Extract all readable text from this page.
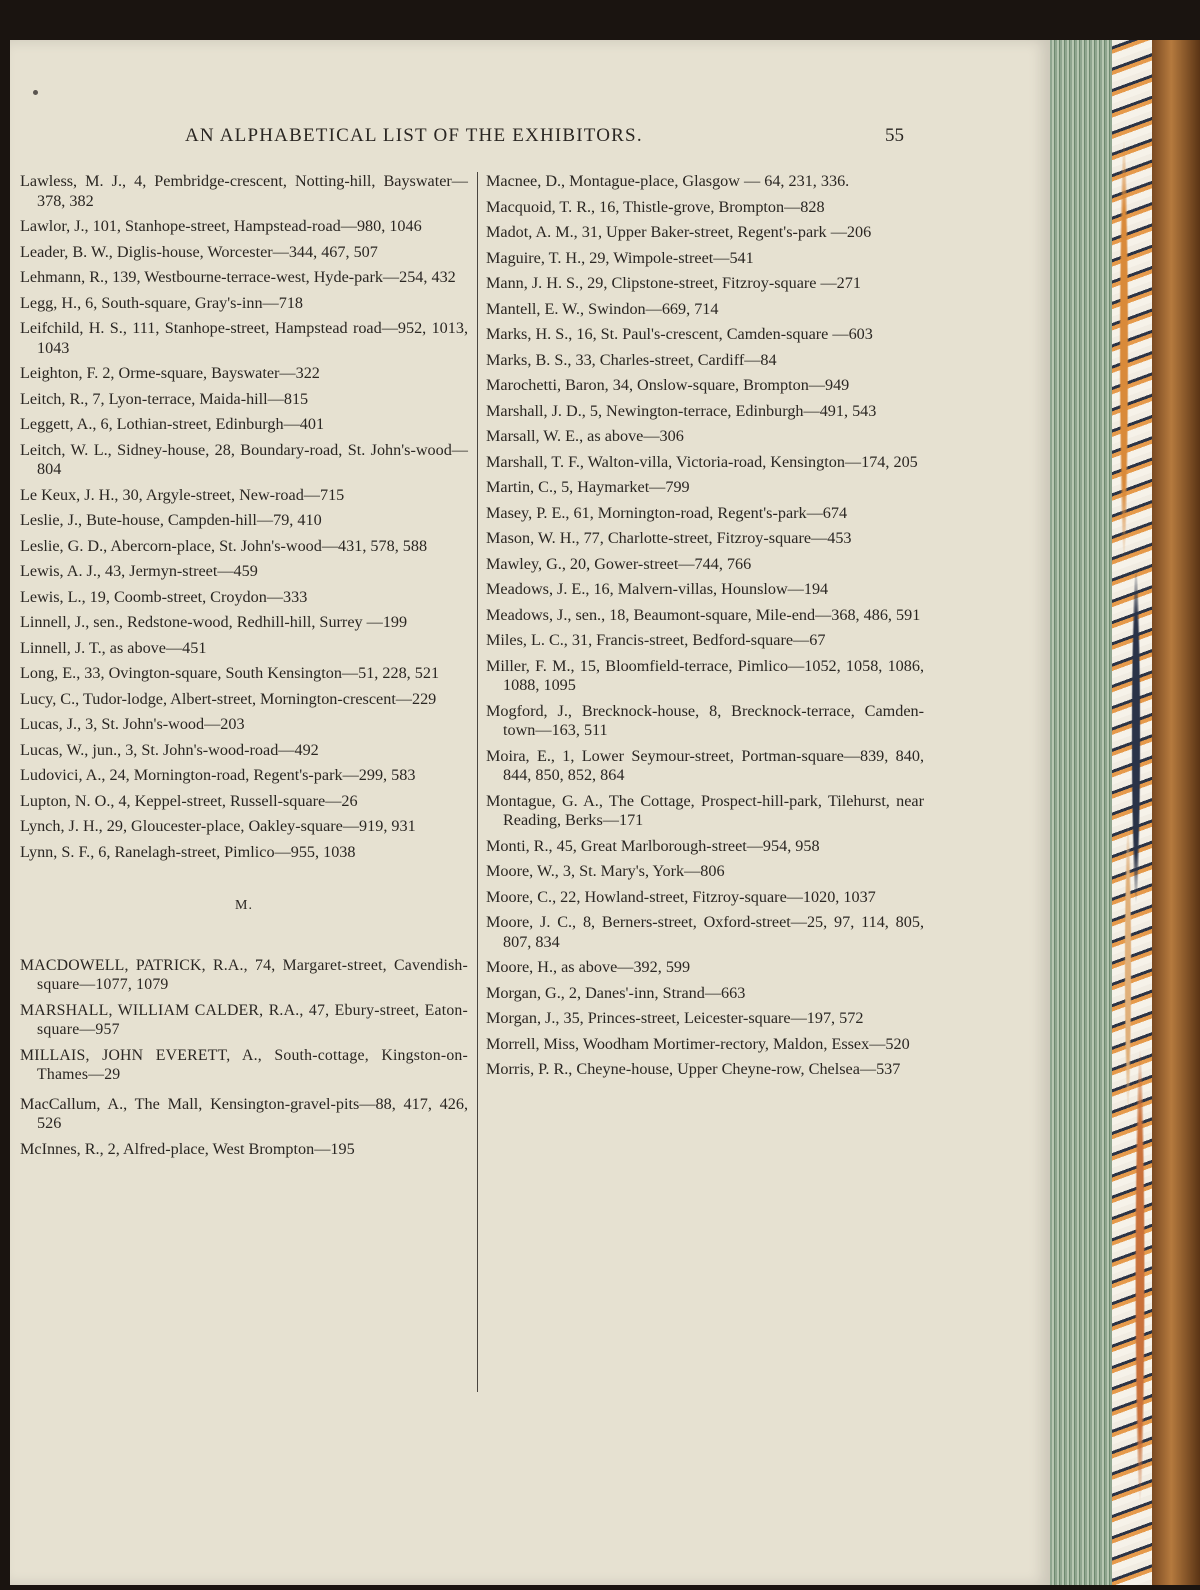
AN ALPHABETICAL LIST OF THE EXHIBITORS.	55
Lawless, M. J., 4, Pembridge-crescent, Notting-hill, Bayswater—378, 382
Lawlor, J., 101, Stanhope-street, Hampstead-road—980, 1046
Leader, B. W., Diglis-house, Worcester—344, 467, 507
Lehmann, R., 139, Westbourne-terrace-west, Hyde-park—254, 432
Legg, H., 6, South-square, Gray's-inn—718
Leifchild, H. S., 111, Stanhope-street, Hampstead road—952, 1013, 1043
Leighton, F. 2, Orme-square, Bayswater—322
Leitch, R., 7, Lyon-terrace, Maida-hill—815
Leggett, A., 6, Lothian-street, Edinburgh—401
Leitch, W. L., Sidney-house, 28, Boundary-road, St. John's-wood—804
Le Keux, J. H., 30, Argyle-street, New-road—715
Leslie, J., Bute-house, Campden-hill—79, 410
Leslie, G. D., Abercorn-place, St. John's-wood—431, 578, 588
Lewis, A. J., 43, Jermyn-street—459
Lewis, L., 19, Coomb-street, Croydon—333
Linnell, J., sen., Redstone-wood, Redhill-hill, Surrey —199
Linnell, J. T., as above—451
Long, E., 33, Ovington-square, South Kensington—51, 228, 521
Lucy, C., Tudor-lodge, Albert-street, Mornington-crescent—229
Lucas, J., 3, St. John's-wood—203
Lucas, W., jun., 3, St. John's-wood-road—492
Ludovici, A., 24, Mornington-road, Regent's-park—299, 583
Lupton, N. O., 4, Keppel-street, Russell-square—26
Lynch, J. H., 29, Gloucester-place, Oakley-square—919, 931
Lynn, S. F., 6, Ranelagh-street, Pimlico—955, 1038
M.
MACDOWELL, PATRICK, R.A., 74, Margaret-street, Cavendish-square—1077, 1079
MARSHALL, WILLIAM CALDER, R.A., 47, Ebury-street, Eaton-square—957
MILLAIS, JOHN EVERETT, A., South-cottage, Kingston-on-Thames—29
MacCallum, A., The Mall, Kensington-gravel-pits—88, 417, 426, 526
McInnes, R., 2, Alfred-place, West Brompton—195
Macnee, D., Montague-place, Glasgow — 64, 231, 336.
Macquoid, T. R., 16, Thistle-grove, Brompton—828
Madot, A. M., 31, Upper Baker-street, Regent's-park —206
Maguire, T. H., 29, Wimpole-street—541
Mann, J. H. S., 29, Clipstone-street, Fitzroy-square —271
Mantell, E. W., Swindon—669, 714
Marks, H. S., 16, St. Paul's-crescent, Camden-square —603
Marks, B. S., 33, Charles-street, Cardiff—84
Marochetti, Baron, 34, Onslow-square, Brompton—949
Marshall, J. D., 5, Newington-terrace, Edinburgh—491, 543
Marsall, W. E., as above—306
Marshall, T. F., Walton-villa, Victoria-road, Kensington—174, 205
Martin, C., 5, Haymarket—799
Masey, P. E., 61, Mornington-road, Regent's-park—674
Mason, W. H., 77, Charlotte-street, Fitzroy-square—453
Mawley, G., 20, Gower-street—744, 766
Meadows, J. E., 16, Malvern-villas, Hounslow—194
Meadows, J., sen., 18, Beaumont-square, Mile-end—368, 486, 591
Miles, L. C., 31, Francis-street, Bedford-square—67
Miller, F. M., 15, Bloomfield-terrace, Pimlico—1052, 1058, 1086, 1088, 1095
Mogford, J., Brecknock-house, 8, Brecknock-terrace, Camden-town—163, 511
Moira, E., 1, Lower Seymour-street, Portman-square—839, 840, 844, 850, 852, 864
Montague, G. A., The Cottage, Prospect-hill-park, Tilehurst, near Reading, Berks—171
Monti, R., 45, Great Marlborough-street—954, 958
Moore, W., 3, St. Mary's, York—806
Moore, C., 22, Howland-street, Fitzroy-square—1020, 1037
Moore, J. C., 8, Berners-street, Oxford-street—25, 97, 114, 805, 807, 834
Moore, H., as above—392, 599
Morgan, G., 2, Danes'-inn, Strand—663
Morgan, J., 35, Princes-street, Leicester-square—197, 572
Morrell, Miss, Woodham Mortimer-rectory, Maldon, Essex—520
Morris, P. R., Cheyne-house, Upper Cheyne-row, Chelsea—537
